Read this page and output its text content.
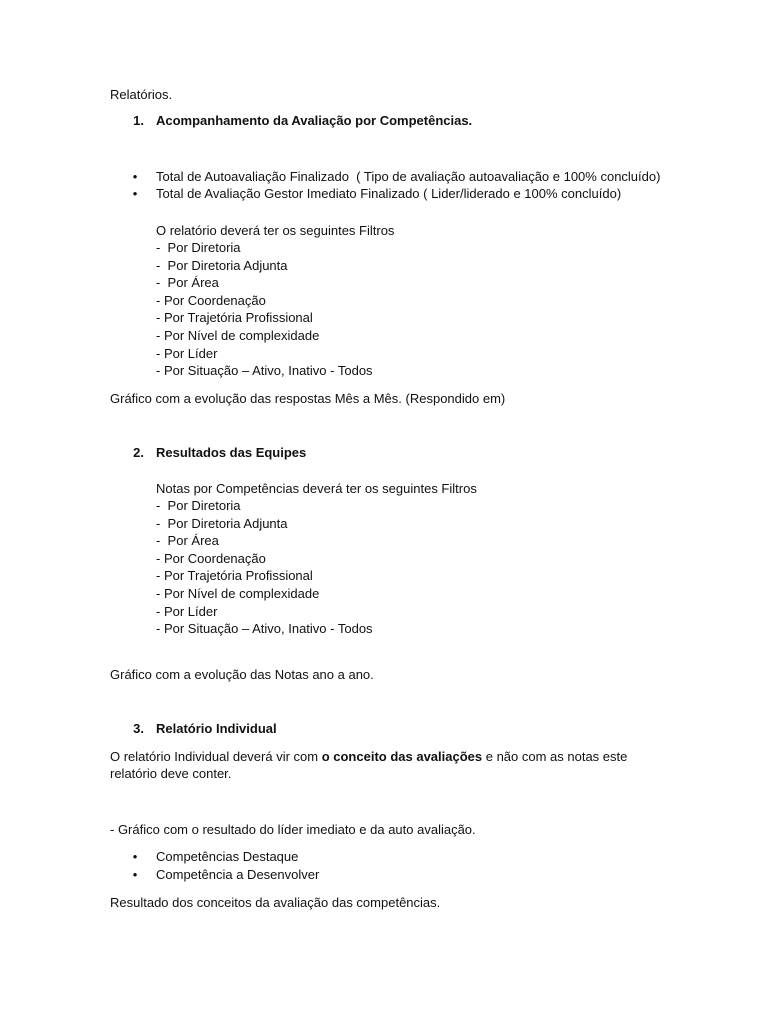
Relatórios.
1. Acompanhamento da Avaliação por Competências.
• Total de Autoavaliação Finalizado  ( Tipo de avaliação autoavaliação e 100% concluído)
• Total de Avaliação Gestor Imediato Finalizado ( Lider/liderado e 100% concluído)
O relatório deverá ter os seguintes Filtros
-  Por Diretoria
-  Por Diretoria Adjunta
-  Por Área
- Por Coordenação
- Por Trajetória Profissional
- Por Nível de complexidade
- Por Líder
- Por Situação – Ativo, Inativo - Todos
Gráfico com a evolução das respostas Mês a Mês. (Respondido em)
2. Resultados das Equipes
Notas por Competências deverá ter os seguintes Filtros
-  Por Diretoria
-  Por Diretoria Adjunta
-  Por Área
- Por Coordenação
- Por Trajetória Profissional
- Por Nível de complexidade
- Por Líder
- Por Situação – Ativo, Inativo - Todos
Gráfico com a evolução das Notas ano a ano.
3. Relatório Individual
O relatório Individual deverá vir com o conceito das avaliações e não com as notas este
relatório deve conter.
- Gráfico com o resultado do líder imediato e da auto avaliação.
• Competências Destaque
• Competência a Desenvolver
Resultado dos conceitos da avaliação das competências.
